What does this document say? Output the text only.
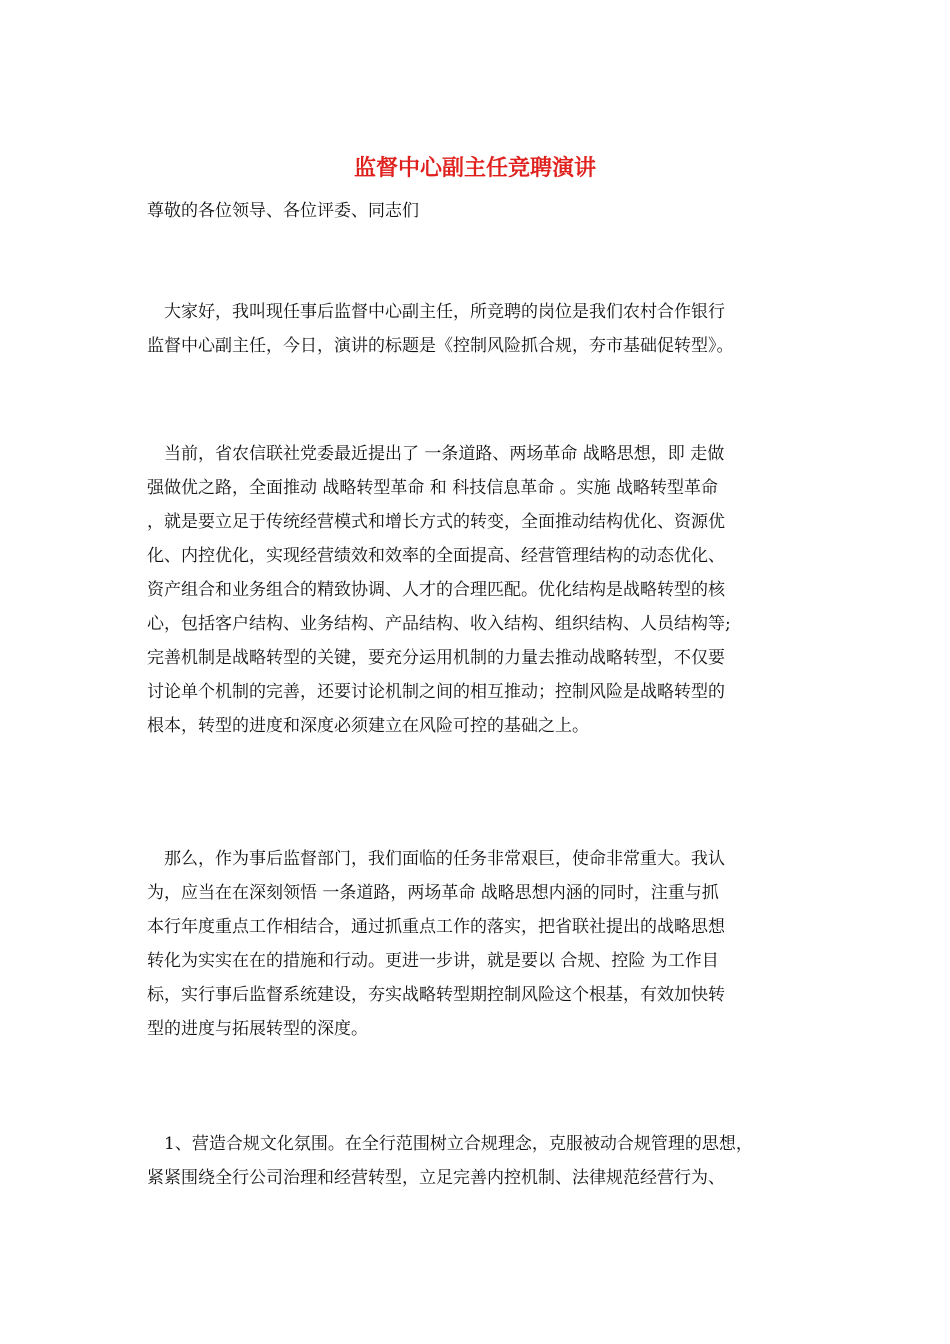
监督中心副主任竞聘演讲

尊敬的各位领导、各位评委、同志们

大家好，我叫现任事后监督中心副主任，所竞聘的岗位是我们农村合作银行
监督中心副主任，今日，演讲的标题是《控制风险抓合规，夯市基础促转型》。
当前，省农信联社党委最近提出了 一条道路、两场革命 战略思想，即 走做
强做优之路，全面推动 战略转型革命 和 科技信息革命 。实施 战略转型革命
，就是要立足于传统经营模式和增长方式的转变，全面推动结构优化、资源优
化、内控优化，实现经营绩效和效率的全面提高、经营管理结构的动态优化、
资产组合和业务组合的精致协调、人才的合理匹配。优化结构是战略转型的核
心，包括客户结构、业务结构、产品结构、收入结构、组织结构、人员结构等;
完善机制是战略转型的关键，要充分运用机制的力量去推动战略转型，不仅要
讨论单个机制的完善，还要讨论机制之间的相互推动；控制风险是战略转型的
根本，转型的进度和深度必须建立在风险可控的基础之上。
那么，作为事后监督部门，我们面临的任务非常艰巨，使命非常重大。我认
为，应当在在深刻领悟 一条道路，两场革命 战略思想内涵的同时，注重与抓
本行年度重点工作相结合，通过抓重点工作的落实，把省联社提出的战略思想
转化为实实在在的措施和行动。更进一步讲，就是要以 合规、控险 为工作目
标，实行事后监督系统建设，夯实战略转型期控制风险这个根基，有效加快转
型的进度与拓展转型的深度。
1、营造合规文化氛围。在全行范围树立合规理念，克服被动合规管理的思想，
紧紧围绕全行公司治理和经营转型，立足完善内控机制、法律规范经营行为、
